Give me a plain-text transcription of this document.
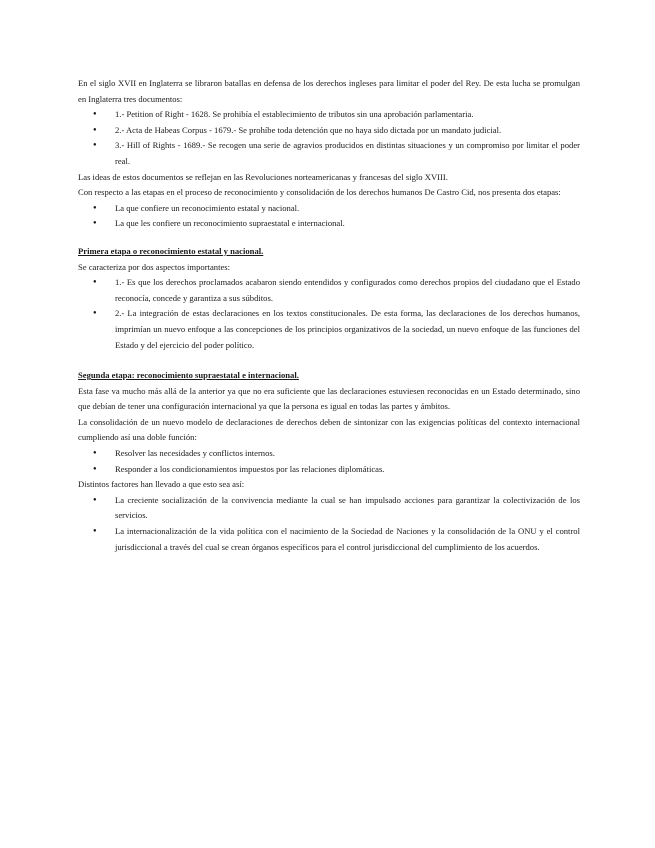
En el siglo XVII en Inglaterra se libraron batallas en defensa de los derechos ingleses para limitar el poder del Rey. De esta lucha se promulgan en Inglaterra tres documentos:

● 1.- Petition of Right - 1628. Se prohibía el establecimiento de tributos sin una aprobación parlamentaria.
● 2.- Acta de Habeas Corpus - 1679.- Se prohíbe toda detención que no haya sido dictada por un mandato judicial.
● 3.- Hill of Rights - 1689.- Se recogen una serie de agravios producidos en distintas situaciones y un compromiso por limitar el poder real.

Las ideas de estos documentos se reflejan en las Revoluciones norteamericanas y francesas del siglo XVIII.

Con respecto a las etapas en el proceso de reconocimiento y consolidación de los derechos humanos De Castro Cid, nos presenta dos etapas:

● La que confiere un reconocimiento estatal y nacional.
● La que les confiere un reconocimiento supraestatal e internacional.

Primera etapa o reconocimiento estatal y nacional.

Se caracteriza por dos aspectos importantes:

● 1.- Es que los derechos proclamados acabaron siendo entendidos y configurados como derechos propios del ciudadano que el Estado reconocía, concede y garantiza a sus súbditos.
● 2.- La integración de estas declaraciones en los textos constitucionales. De esta forma, las declaraciones de los derechos humanos, imprimían un nuevo enfoque a las concepciones de los principios organizativos de la sociedad, un nuevo enfoque de las funciones del Estado y del ejercicio del poder político.

Segunda etapa: reconocimiento supraestatal e internacional.

Esta fase va mucho más allá de la anterior ya que no era suficiente que las declaraciones estuviesen reconocidas en un Estado determinado, sino que debían de tener una configuración internacional ya que la persona es igual en todas las partes y ámbitos.

La consolidación de un nuevo modelo de declaraciones de derechos deben de sintonizar con las exigencias políticas del contexto internacional cumpliendo así una doble función:

● Resolver las necesidades y conflictos internos.
● Responder a los condicionamientos impuestos por las relaciones diplomáticas.

Distintos factores han llevado a que esto sea así:

● La creciente socialización de la convivencia mediante la cual se han impulsado acciones para garantizar la colectivización de los servicios.
● La internacionalización de la vida política con el nacimiento de la Sociedad de Naciones y la consolidación de la ONU y el control jurisdiccional a través del cual se crean órganos específicos para el control jurisdiccional del cumplimiento de los acuerdos.
